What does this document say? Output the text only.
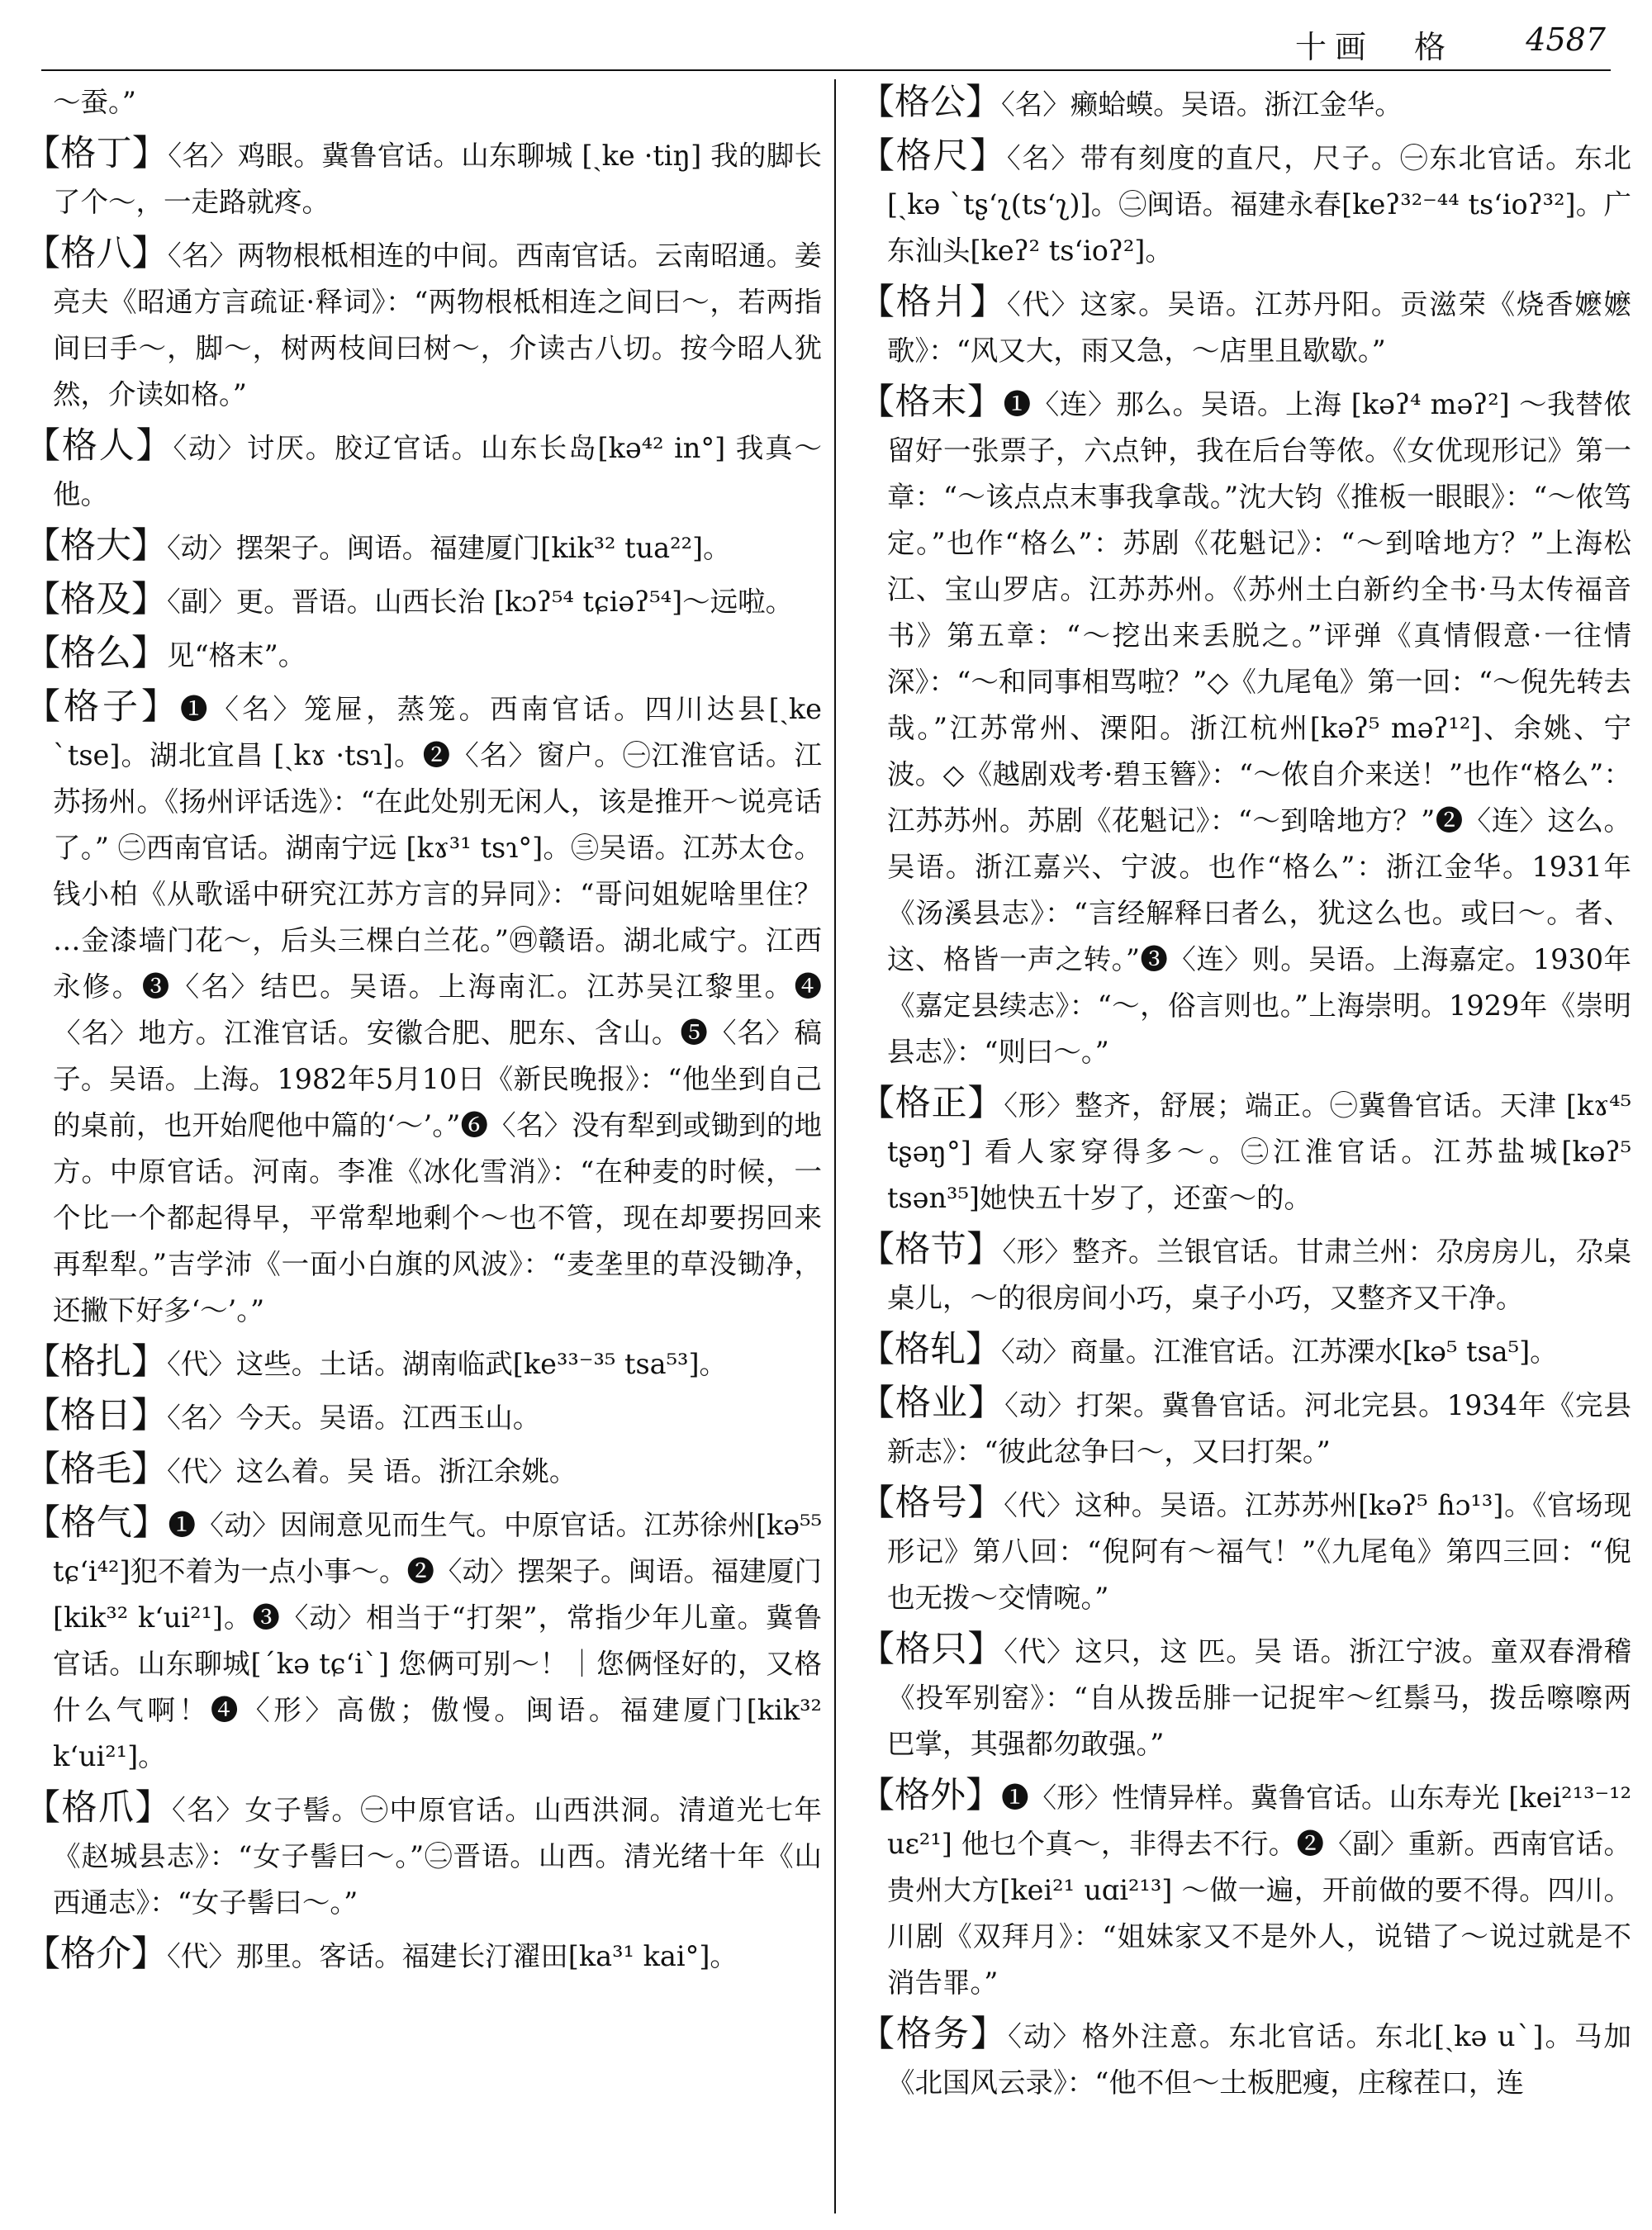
十画　格 4587
～蚕。”
【格丁】〈名〉鸡眼。冀鲁官话。山东聊城 [ˏke ·tiŋ] 我的脚长了个～，一走路就疼。
【格八】〈名〉两物根柢相连的中间。西南官话。云南昭通。姜亮夫《昭通方言疏证·释词》：“两物根柢相连之间曰～，若两指间曰手～，脚～，树两枝间曰树～，介读古八切。按今昭人犹然，介读如格。”
【格人】〈动〉讨厌。胶辽官话。山东长岛[kə⁴² in°] 我真～他。
【格大】〈动〉摆架子。闽语。福建厦门[kik³² tua²²]。
【格及】〈副〉更。晋语。山西长治 [kɔʔ⁵⁴ tɕiəʔ⁵⁴]～远啦。
【格么】见“格末”。
【格子】❶〈名〉笼屉，蒸笼。西南官话。四川达县[ˏke ˋtse]。湖北宜昌 [ˏkɤ ·tsɿ]。❷〈名〉窗户。㊀江淮官话。江苏扬州。《扬州评话选》：“在此处别无闲人，该是推开～说亮话了。” ㊁西南官话。湖南宁远 [kɤ³¹ tsɿ°]。㊂吴语。江苏太仓。钱小柏《从歌谣中研究江苏方言的异同》：“哥问姐妮啥里住？ …金漆墙门花～，后头三棵白兰花。”㊃赣语。湖北咸宁。江西永修。❸〈名〉结巴。吴语。上海南汇。江苏吴江黎里。❹〈名〉地方。江淮官话。安徽合肥、肥东、含山。❺〈名〉稿子。吴语。上海。1982年5月10日《新民晚报》：“他坐到自己的桌前，也开始爬他中篇的‘～’。”❻〈名〉没有犁到或锄到的地方。中原官话。河南。李准《冰化雪消》：“在种麦的时候，一个比一个都起得早，平常犁地剩个～也不管，现在却要拐回来再犁犁。”吉学沛《一面小白旗的风波》：“麦垄里的草没锄净，还撇下好多‘～’。”
【格扎】〈代〉这些。土话。湖南临武[ke³³⁻³⁵ tsa⁵³]。
【格日】〈名〉今天。吴语。江西玉山。
【格毛】〈代〉这么着。吴 语。浙江余姚。
【格气】❶〈动〉因闹意见而生气。中原官话。江苏徐州[kə⁵⁵ tɕʻi⁴²]犯不着为一点小事～。❷〈动〉摆架子。闽语。福建厦门 [kik³² kʻui²¹]。❸〈动〉相当于“打架”，常指少年儿童。冀鲁官话。山东聊城[ˊkə tɕʻiˋ] 您俩可别～！｜您俩怪好的，又格什么气啊！❹〈形〉高傲；傲慢。闽语。福建厦门[kik³² kʻui²¹]。
【格爪】〈名〉女子髻。㊀中原官话。山西洪洞。清道光七年《赵城县志》：“女子髻曰～。”㊁晋语。山西。清光绪十年《山西通志》：“女子髻曰～。”
【格介】〈代〉那里。客话。福建长汀濯田[ka³¹ kai°]。
【格公】〈名〉癞蛤蟆。吴语。浙江金华。
【格尺】〈名〉带有刻度的直尺，尺子。㊀东北官话。东北[ˏkə ˋtʂʻʅ(tsʻʅ)]。㊁闽语。福建永春[keʔ³²⁻⁴⁴ tsʻioʔ³²]。广东汕头[keʔ² tsʻioʔ²]。
【格爿】〈代〉这家。吴语。江苏丹阳。贡滋荣《烧香嬷嬷歌》：“风又大，雨又急，～店里且歇歇。”
【格末】❶〈连〉那么。吴语。上海 [kəʔ⁴ məʔ²] ～我替侬留好一张票子，六点钟，我在后台等侬。《女优现形记》第一章：“～该点点末事我拿哉。”沈大钧《推板一眼眼》：“～侬笃定。”也作“格么”：苏剧《花魁记》：“～到啥地方？”上海松江、宝山罗店。江苏苏州。《苏州土白新约全书·马太传福音书》第五章：“～挖出来丢脱之。”评弹《真情假意·一往情深》：“～和同事相骂啦？”◇《九尾龟》第一回：“～倪先转去哉。”江苏常州、溧阳。浙江杭州[kəʔ⁵ məʔ¹²]、余姚、宁波。◇《越剧戏考·碧玉簪》：“～侬自介来送！”也作“格么”：江苏苏州。苏剧《花魁记》：“～到啥地方？”❷〈连〉这么。吴语。浙江嘉兴、宁波。也作“格么”：浙江金华。1931年《汤溪县志》：“言经解释曰者么，犹这么也。或曰～。者、这、格皆一声之转。”❸〈连〉则。吴语。上海嘉定。1930年《嘉定县续志》：“～，俗言则也。”上海崇明。1929年《崇明县志》：“则曰～。”
【格正】〈形〉整齐，舒展；端正。㊀冀鲁官话。天津 [kɤ⁴⁵ tʂəŋ°] 看人家穿得多～。㊁江淮官话。江苏盐城[kəʔ⁵ tsən³⁵]她快五十岁了，还蛮～的。
【格节】〈形〉整齐。兰银官话。甘肃兰州：尕房房儿，尕桌桌儿，～的很房间小巧，桌子小巧，又整齐又干净。
【格轧】〈动〉商量。江淮官话。江苏溧水[kə⁵ tsa⁵]。
【格业】〈动〉打架。冀鲁官话。河北完县。1934年《完县新志》：“彼此忿争曰～，又曰打架。”
【格号】〈代〉这种。吴语。江苏苏州[kəʔ⁵ ɦɔ¹³]。《官场现形记》第八回：“倪阿有～福气！”《九尾龟》第四三回：“倪也无拨～交情啘。”
【格只】〈代〉这只，这 匹。吴 语。浙江宁波。童双春滑稽《投军别窑》：“自从拨岳腓一记捉牢～红鬃马，拨岳嚓嚓两巴掌，其强都勿敢强。”
【格外】❶〈形〉性情异样。冀鲁官话。山东寿光 [kei²¹³⁻¹² uɛ²¹] 他乜个真～，非得去不行。❷〈副〉重新。西南官话。贵州大方[kei²¹ uɑi²¹³] ～做一遍，开前做的要不得。四川。川剧《双拜月》：“姐妹家又不是外人，说错了～说过就是不消告罪。”
【格务】〈动〉格外注意。东北官话。东北[ˏkə uˋ]。马加《北国风云录》：“他不但～土板肥瘦，庄稼茬口，连
